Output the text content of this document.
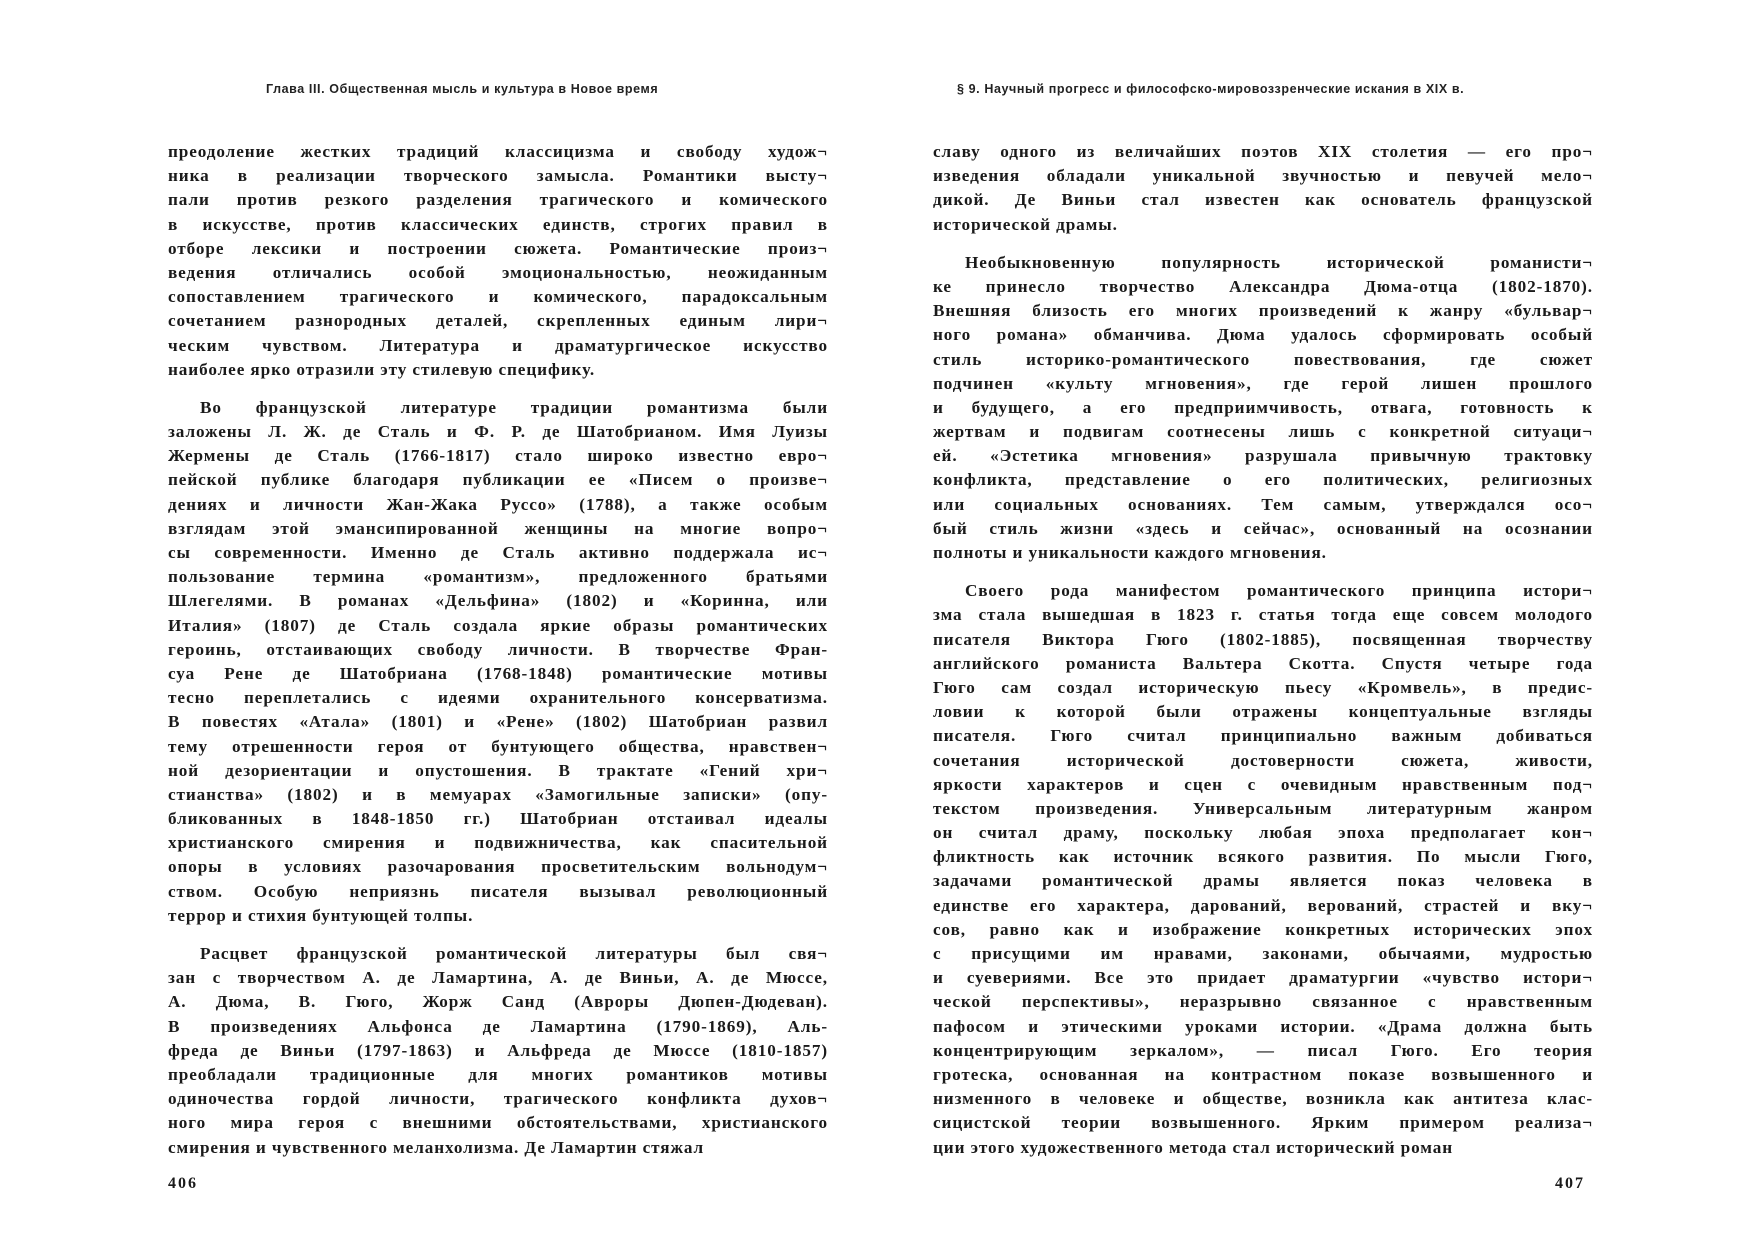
Глава III. Общественная мысль и культура в Новое время
преодоление жестких традиций классицизма и свободу худож¬
ника в реализации творческого замысла. Романтики высту¬
пали против резкого разделения трагического и комического
в искусстве, против классических единств, строгих правил в
отборе лексики и построении сюжета. Романтические произ¬
ведения отличались особой эмоциональностью, неожиданным
сопоставлением трагического и комического, парадоксальным
сочетанием разнородных деталей, скрепленных единым лири¬
ческим чувством. Литература и драматургическое искусство
наиболее ярко отразили эту стилевую специфику.
Во французской литературе традиции романтизма были
заложены Л. Ж. де Сталь и Ф. Р. де Шатобрианом. Имя Луизы
Жермены де Сталь (1766-1817) стало широко известно евро¬
пейской публике благодаря публикации ее «Писем о произве¬
дениях и личности Жан-Жака Руссо» (1788), а также особым
взглядам этой эмансипированной женщины на многие вопро¬
сы современности. Именно де Сталь активно поддержала ис¬
пользование термина «романтизм», предложенного братьями
Шлегелями. В романах «Дельфина» (1802) и «Коринна, или
Италия» (1807) де Сталь создала яркие образы романтических
героинь, отстаивающих свободу личности. В творчестве Фран-
суа Рене де Шатобриана (1768-1848) романтические мотивы
тесно переплетались с идеями охранительного консерватизма.
В повестях «Атала» (1801) и «Рене» (1802) Шатобриан развил
тему отрешенности героя от бунтующего общества, нравствен¬
ной дезориентации и опустошения. В трактате «Гений хри¬
стианства» (1802) и в мемуарах «Замогильные записки» (опу-
бликованных в 1848-1850 гг.) Шатобриан отстаивал идеалы
христианского смирения и подвижничества, как спасительной
опоры в условиях разочарования просветительским вольнодум¬
ством. Особую неприязнь писателя вызывал революционный
террор и стихия бунтующей толпы.
Расцвет французской романтической литературы был свя¬
зан с творчеством А. де Ламартина, А. де Виньи, А. де Мюссе,
А. Дюма, В. Гюго, Жорж Санд (Авроры Дюпен-Дюдеван).
В произведениях Альфонса де Ламартина (1790-1869), Аль-
фреда де Виньи (1797-1863) и Альфреда де Мюссе (1810-1857)
преобладали традиционные для многих романтиков мотивы
одиночества гордой личности, трагического конфликта духов¬
ного мира героя с внешними обстоятельствами, христианского
смирения и чувственного меланхолизма. Де Ламартин стяжал
406
§ 9. Научный прогресс и философско-мировоззренческие искания в XIX в.
славу одного из величайших поэтов XIX столетия — его про¬
изведения обладали уникальной звучностью и певучей мело¬
дикой. Де Виньи стал известен как основатель французской
исторической драмы.
Необыкновенную популярность исторической романисти¬
ке принесло творчество Александра Дюма-отца (1802-1870).
Внешняя близость его многих произведений к жанру «бульвар¬
ного романа» обманчива. Дюма удалось сформировать особый
стиль историко-романтического повествования, где сюжет
подчинен «культу мгновения», где герой лишен прошлого
и будущего, а его предприимчивость, отвага, готовность к
жертвам и подвигам соотнесены лишь с конкретной ситуаци¬
ей. «Эстетика мгновения» разрушала привычную трактовку
конфликта, представление о его политических, религиозных
или социальных основаниях. Тем самым, утверждался осо¬
бый стиль жизни «здесь и сейчас», основанный на осознании
полноты и уникальности каждого мгновения.
Своего рода манифестом романтического принципа истори¬
зма стала вышедшая в 1823 г. статья тогда еще совсем молодого
писателя Виктора Гюго (1802-1885), посвященная творчеству
английского романиста Вальтера Скотта. Спустя четыре года
Гюго сам создал историческую пьесу «Кромвель», в предис-
ловии к которой были отражены концептуальные взгляды
писателя. Гюго считал принципиально важным добиваться
сочетания исторической достоверности сюжета, живости,
яркости характеров и сцен с очевидным нравственным под¬
текстом произведения. Универсальным литературным жанром
он считал драму, поскольку любая эпоха предполагает кон¬
фликтность как источник всякого развития. По мысли Гюго,
задачами романтической драмы является показ человека в
единстве его характера, дарований, верований, страстей и вку¬
сов, равно как и изображение конкретных исторических эпох
с присущими им нравами, законами, обычаями, мудростью
и суевериями. Все это придает драматургии «чувство истори¬
ческой перспективы», неразрывно связанное с нравственным
пафосом и этическими уроками истории. «Драма должна быть
концентрирующим зеркалом», — писал Гюго. Его теория
гротеска, основанная на контрастном показе возвышенного и
низменного в человеке и обществе, возникла как антитеза клас-
сицистской теории возвышенного. Ярким примером реализа¬
ции этого художественного метода стал исторический роман
407
